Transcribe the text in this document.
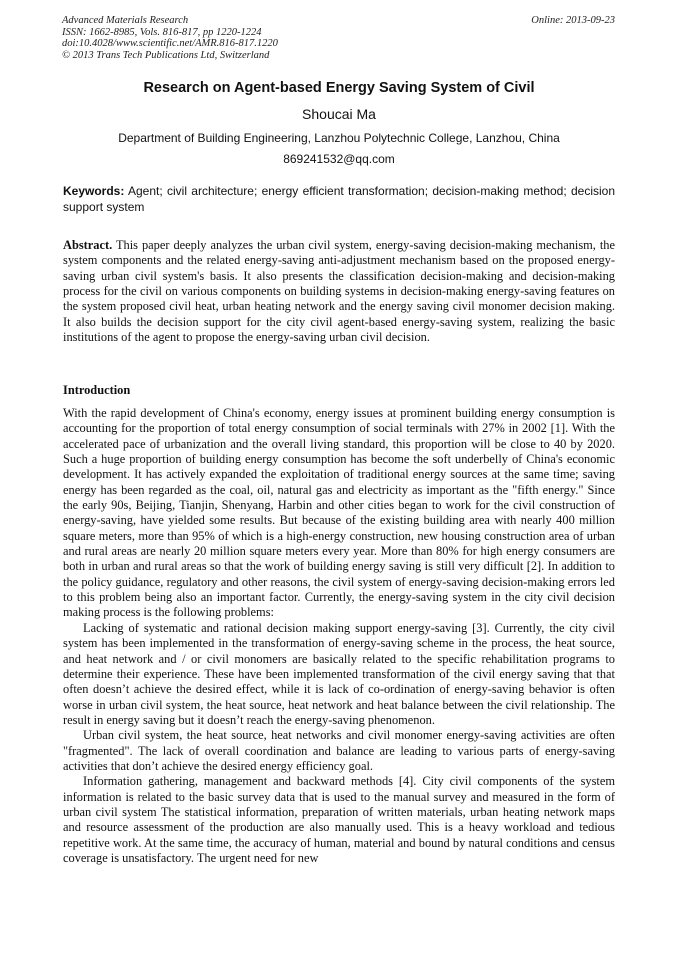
Advanced Materials Research
ISSN: 1662-8985, Vols. 816-817, pp 1220-1224
doi:10.4028/www.scientific.net/AMR.816-817.1220
© 2013 Trans Tech Publications Ltd, Switzerland
Online: 2013-09-23
Research on Agent-based Energy Saving System of Civil
Shoucai Ma
Department of Building Engineering, Lanzhou Polytechnic College, Lanzhou, China
869241532@qq.com
Keywords: Agent; civil architecture; energy efficient transformation; decision-making method; decision support system
Abstract. This paper deeply analyzes the urban civil system, energy-saving decision-making mechanism, the system components and the related energy-saving anti-adjustment mechanism based on the proposed energy-saving urban civil system's basis. It also presents the classification decision-making and decision-making process for the civil on various components on building systems in decision-making energy-saving features on the system proposed civil heat, urban heating network and the energy saving civil monomer decision making. It also builds the decision support for the city civil agent-based energy-saving system, realizing the basic institutions of the agent to propose the energy-saving urban civil decision.
Introduction

With the rapid development of China's economy, energy issues at prominent building energy consumption is accounting for the proportion of total energy consumption of social terminals with 27% in 2002 [1]. With the accelerated pace of urbanization and the overall living standard, this proportion will be close to 40 by 2020. Such a huge proportion of building energy consumption has become the soft underbelly of China's economic development. It has actively expanded the exploitation of traditional energy sources at the same time; saving energy has been regarded as the coal, oil, natural gas and electricity as important as the "fifth energy." Since the early 90s, Beijing, Tianjin, Shenyang, Harbin and other cities began to work for the civil construction of energy-saving, have yielded some results. But because of the existing building area with nearly 400 million square meters, more than 95% of which is a high-energy construction, new housing construction area of urban and rural areas are nearly 20 million square meters every year. More than 80% for high energy consumers are both in urban and rural areas so that the work of building energy saving is still very difficult [2]. In addition to the policy guidance, regulatory and other reasons, the civil system of energy-saving decision-making errors led to this problem being also an important factor. Currently, the energy-saving system in the city civil decision making process is the following problems:

Lacking of systematic and rational decision making support energy-saving [3]. Currently, the city civil system has been implemented in the transformation of energy-saving scheme in the process, the heat source, and heat network and / or civil monomers are basically related to the specific rehabilitation programs to determine their experience. These have been implemented transformation of the civil energy saving that that often doesn’t achieve the desired effect, while it is lack of co-ordination of energy-saving behavior is often worse in urban civil system, the heat source, heat network and heat balance between the civil relationship. The result in energy saving but it doesn’t reach the energy-saving phenomenon.

Urban civil system, the heat source, heat networks and civil monomer energy-saving activities are often "fragmented". The lack of overall coordination and balance are leading to various parts of energy-saving activities that don’t achieve the desired energy efficiency goal.

Information gathering, management and backward methods [4]. City civil components of the system information is related to the basic survey data that is used to the manual survey and measured in the form of urban civil system The statistical information, preparation of written materials, urban heating network maps and resource assessment of the production are also manually used. This is a heavy workload and tedious repetitive work. At the same time, the accuracy of human, material and bound by natural conditions and census coverage is unsatisfactory. The urgent need for new
